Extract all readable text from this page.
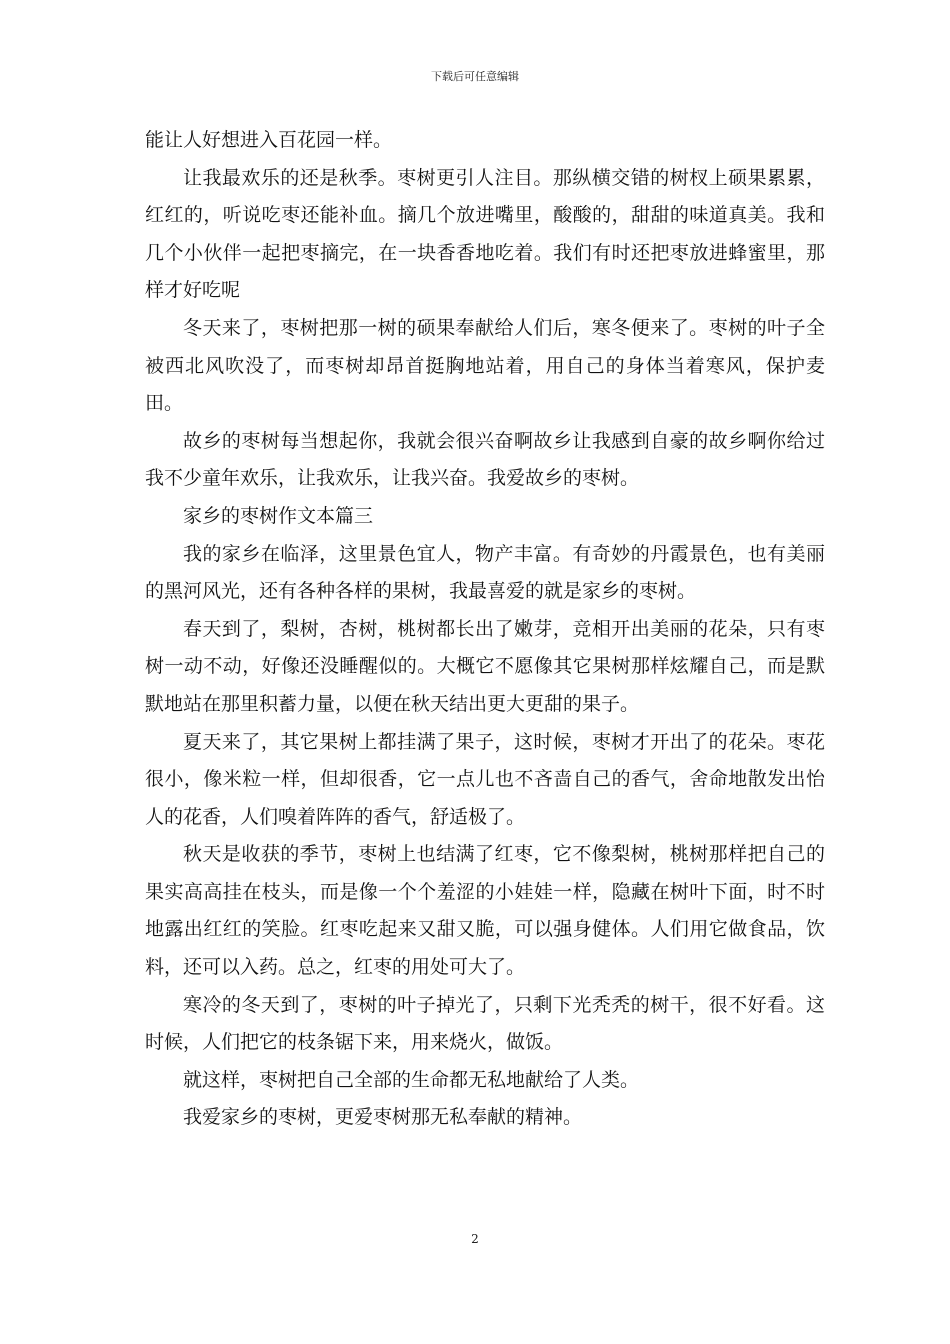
下载后可任意编辑

能让人好想进入百花园一样。

让我最欢乐的还是秋季。枣树更引人注目。那纵横交错的树杈上硕果累累，红红的，听说吃枣还能补血。摘几个放进嘴里，酸酸的，甜甜的味道真美。我和几个小伙伴一起把枣摘完，在一块香香地吃着。我们有时还把枣放进蜂蜜里，那样才好吃呢

冬天来了，枣树把那一树的硕果奉献给人们后，寒冬便来了。枣树的叶子全被西北风吹没了，而枣树却昂首挺胸地站着，用自己的身体当着寒风，保护麦田。

故乡的枣树每当想起你，我就会很兴奋啊故乡让我感到自豪的故乡啊你给过我不少童年欢乐，让我欢乐，让我兴奋。我爱故乡的枣树。

家乡的枣树作文本篇三

我的家乡在临泽，这里景色宜人，物产丰富。有奇妙的丹霞景色，也有美丽的黑河风光，还有各种各样的果树，我最喜爱的就是家乡的枣树。

春天到了，梨树，杏树，桃树都长出了嫩芽，竞相开出美丽的花朵，只有枣树一动不动，好像还没睡醒似的。大概它不愿像其它果树那样炫耀自己，而是默默地站在那里积蓄力量，以便在秋天结出更大更甜的果子。

夏天来了，其它果树上都挂满了果子，这时候，枣树才开出了的花朵。枣花很小，像米粒一样，但却很香，它一点儿也不吝啬自己的香气，舍命地散发出怡人的花香，人们嗅着阵阵的香气，舒适极了。

秋天是收获的季节，枣树上也结满了红枣，它不像梨树，桃树那样把自己的果实高高挂在枝头，而是像一个个羞涩的小娃娃一样，隐藏在树叶下面，时不时地露出红红的笑脸。红枣吃起来又甜又脆，可以强身健体。人们用它做食品，饮料，还可以入药。总之，红枣的用处可大了。

寒冷的冬天到了，枣树的叶子掉光了，只剩下光秃秃的树干，很不好看。这时候，人们把它的枝条锯下来，用来烧火，做饭。

就这样，枣树把自己全部的生命都无私地献给了人类。

我爱家乡的枣树，更爱枣树那无私奉献的精神。

2
